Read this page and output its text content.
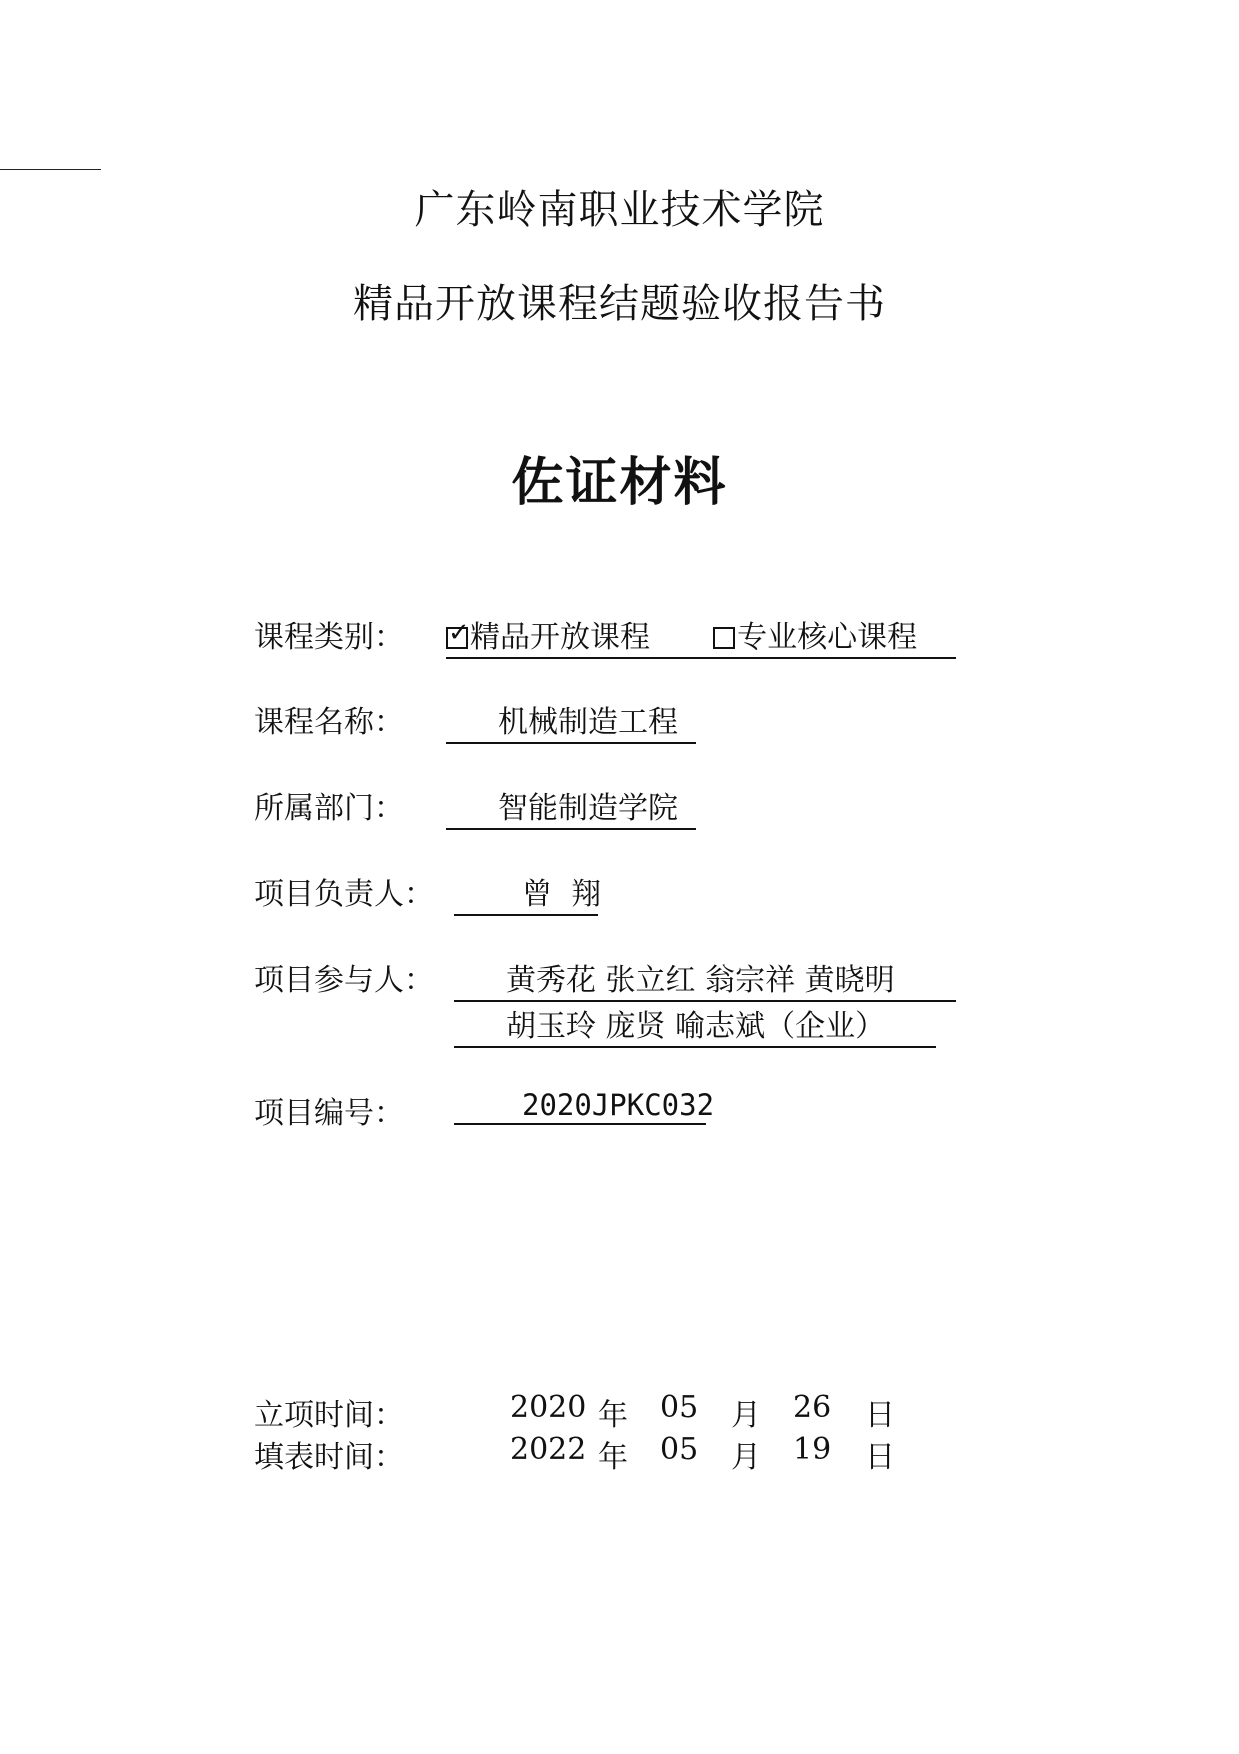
广东岭南职业技术学院
精品开放课程结题验收报告书
佐证材料
课程类别： ✓ 精品开放课程	专业核心课程
课程名称：	机械制造工程
所属部门：	智能制造学院
项目负责人：	曾  翔
项目参与人：	黄秀花 张立红 翁宗祥 黄晓明
胡玉玲 庞贤 喻志斌（企业）
项目编号：	2020JPKC032
立项时间：	2020 年 05 月 26 日
填表时间：	2022 年 05 月 19 日
